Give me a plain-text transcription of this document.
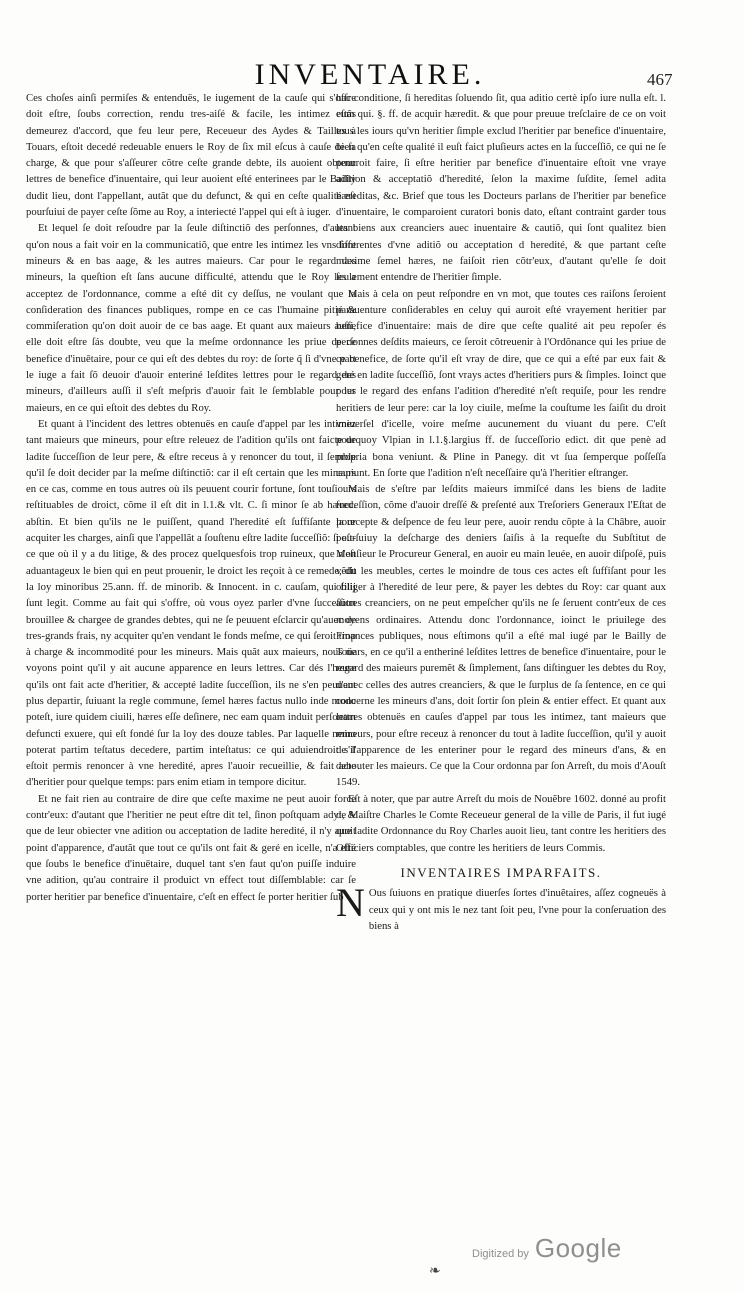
INVENTAIRE.	467

Ces choſes ainſi permiſes & entenduës, le iugement de la cauſe qui s'offre doit eſtre, ſoubs correction, rendu tres-aiſé & facile, les intimez eſtâs demeurez d'accord, que feu leur pere, Receueur des Aydes & Tailles à Touars, eſtoit decedé redeuable enuers le Roy de ſix mil eſcus à cauſe de ſa charge, & que pour s'aſſeurer cõtre ceſte grande debte, ils auoient obtenu lettres de benefice d'inuentaire, qui leur auoient eſté enterinees par le Bailly dudit lieu, dont l'appellant, autãt que du defunct, & qui en ceſte qualité eſt pourſuiui de payer ceſte ſõme au Roy, a interiecté l'appel qui eſt à iuger.

Et lequel ſe doit reſoudre par la ſeule diſtinctiõ des perſonnes, d'autant qu'on nous a fait voir en la communicatiõ, que entre les intimez les vns ſont mineurs & en bas aage, & les autres maieurs. Car pour le regard des mineurs, la queſtion eſt ſans aucune difficulté, attendu que le Roy les a acceptez de l'ordonnance, comme a eſté dit cy deſſus, ne voulant que la conſideration des finances publiques, rompe en ce cas l'humaine pitié & commiſeration qu'on doit auoir de ce bas aage. Et quant aux maieurs auſſi, elle doit eſtre ſás doubte, veu que la meſme ordonnance les priue de ce benefice d'inuētaire, pour ce qui eſt des debtes du roy: de ſorte q̃ ſi d'vne part le iuge a fait ſõ deuoir d'auoir enteriné leſdites lettres pour le regard des mineurs, d'ailleurs auſſi il s'eſt meſpris d'auoir fait le ſemblable pour les maieurs, en ce qui eſtoit des debtes du Roy.

Et quant à l'incident des lettres obtenuës en cauſe d'appel par les intimez tant maieurs que mineurs, pour eſtre releuez de l'adition qu'ils ont faicte de ladite ſucceſſion de leur pere, & eſtre receus à y renoncer du tout, il ſemble qu'il ſe doit decider par la meſme diſtinctiõ: car il eſt certain que les mineurs en ce cas, comme en tous autres où ils peuuent courir fortune, ſont touſiours reſtituables de droict, cõme il eſt dit in l.1.& vlt. C. ſi minor ſe ab hæred. abſtin. Et bien qu'ils ne le puiſſent, quand l'heredité eſt ſuffiſante pour acquiter les charges, ainſi que l'appellãt a ſouſtenu eſtre ladite ſucceſſiõ: ſi eſt-ce que où il y a du litige, & des procez quelquesfois trop ruineux, que n'eſt aduantageux le bien qui en peut prouenir, le droict les reçoit à ce remede, dit la loy minoribus 25.ann. ff. de minorib. & Innocent. in c. cauſam, qui filij ſunt legit. Comme au fait qui s'offre, où vous oyez parler d'vne ſucceſſion brouillee & chargee de grandes debtes, qui ne ſe peuuent eſclarcir qu'auec de tres-grands frais, ny acquiter qu'en vendant le fonds meſme, ce qui ſeroit trop à charge & incommodité pour les mineurs. Mais quãt aux maieurs, nous ne voyons point qu'il y ait aucune apparence en leurs lettres. Car dés l'heure qu'ils ont fait acte d'heritier, & accepté ladite ſucceſſion, ils ne s'en peuuent plus departir, ſuiuant la regle commune, ſemel hæres factus nullo inde modo poteſt, iure quidem ciuili, hæres eſſe deſinere, nec eam quam induit perſonam defuncti exuere, qui eſt fondé ſur la loy des douze tables. Par laquelle nemo poterat partim teſtatus decedere, partim inteſtatus: ce qui aduiendroit s'il eſtoit permis renoncer à vne heredité, apres l'auoir recueillie, & fait acte d'heritier pour quelque temps: pars enim etiam in tempore dicitur.

Et ne fait rien au contraire de dire que ceſte maxime ne peut auoir force contr'eux: d'autant que l'heritier ne peut eſtre dit tel, ſinon poſtquam adyt, & que de leur obiecter vne adition ou acceptation de ladite heredité, il n'y auoit point d'apparence, d'autãt que tout ce qu'ils ont fait & geré en icelle, n'a eſté que ſoubs le benefice d'inuētaire, duquel tant s'en faut qu'on puiſſe induire vne adition, qu'au contraire il produict vn effect tout diſſemblable: car ſe porter heritier par benefice d'inuentaire, c'eſt en effect ſe porter heritier ſub

hac conditione, ſi hereditas ſoluendo ſit, qua aditio certè ipſo iure nulla eſt. l. eum qui. §. ff. de acquir hæredit. & que pour preuue treſclaire de ce on voit tous les iours qu'vn heritier ſimple exclud l'heritier par benefice d'inuentaire, bien qu'en ceſte qualité il euſt faict pluſieurs actes en la ſucceſſiõ, ce qui ne ſe pourroit faire, ſi eſtre heritier par benefice d'inuentaire eſtoit vne vraye adition & acceptatiõ d'heredité, ſelon la maxime ſuſdite, ſemel adita hæreditas, &c. Brief que tous les Docteurs parlans de l'heritier par benefice d'inuentaire, le comparoient curatori bonis dato, eſtant contraint garder tous les biens aux creanciers auec inuentaire & cautiõ, qui ſont qualitez bien differentes d'vne aditiõ ou acceptation d heredité, & que partant ceſte maxime ſemel hæres, ne faiſoit rien cõtr'eux, d'autant qu'elle ſe doit ſeulement entendre de l'heritier ſimple.

Mais à cela on peut reſpondre en vn mot, que toutes ces raiſons ſeroient parauenture conſiderables en celuy qui auroit eſté vrayement heritier par benefice d'inuentaire: mais de dire que ceſte qualité ait peu repoſer és perſonnes deſdits maieurs, ce ſeroit cõtreuenir à l'Ordõnance qui les priue de ce benefice, de ſorte qu'il eſt vray de dire, que ce qui a eſté par eux fait & geré en ladite ſucceſſiõ, ſont vrays actes d'heritiers purs & ſimples. Ioinct que pour le regard des enfans l'adition d'heredité n'eſt requiſe, pour les rendre heritiers de leur pere: car la loy ciuile, meſme la couſtume les ſaiſit du droit vniuerſel d'icelle, voire meſme aucunement du viuant du pere. C'eſt pourquoy Vlpian in l.1.§.largius ff. de ſucceſſorio edict. dit que penè ad propria bona veniunt. & Pline in Panegy. dit vt ſua ſemperque poſſeſſa capiunt. En ſorte que l'adition n'eſt neceſſaire qu'à l'heritier eſtranger.

Mais de s'eſtre par leſdits maieurs immiſcé dans les biens de ladite ſucceſſion, cõme d'auoir dreſſé & preſenté aux Treſoriers Generaux l'Eſtat de la recepte & deſpence de feu leur pere, auoir rendu cõpte à la Châbre, auoir pourſuiuy la deſcharge des deniers ſaiſis à la requeſte du Subſtitut de Monſieur le Procureur General, en auoir eu main leuée, en auoir diſpoſé, puis vẽdu les meubles, certes le moindre de tous ces actes eſt ſuffiſant pour les obliger à l'heredité de leur pere, & payer les debtes du Roy: car quant aux autres creanciers, on ne peut empeſcher qu'ils ne ſe ſeruent contr'eux de ces moyens ordinaires. Attendu donc l'ordonnance, ioinct le priuilege des Finances publiques, nous eſtimons qu'il a eſté mal iugé par le Bailly de Toüars, en ce qu'il a entheriné leſdites lettres de benefice d'inuentaire, pour le regard des maieurs puremẽt & ſimplement, ſans diſtinguer les debtes du Roy, d'auec celles des autres creanciers, & que le ſurplus de ſa ſentence, en ce qui concerne les mineurs d'ans, doit ſortir ſon plein & entier effect. Et quant aux lettres obtenuës en cauſes d'appel par tous les intimez, tant maieurs que mineurs, pour eſtre receuz à renoncer du tout à ladite ſucceſſion, qu'il y auoit de l'apparence de les enteriner pour le regard des mineurs d'ans, & en debouter les maieurs. Ce que la Cour ordonna par ſon Arreſt, du mois d'Aouſt 1549.

Eſt à noter, que par autre Arreſt du mois de Nouẽbre 1602. donné au profit de Maiſtre Charles le Comte Receueur general de la ville de Paris, il fut iugé que ladite Ordonnance du Roy Charles auoit lieu, tant contre les heritiers des Officiers comptables, que contre les heritiers de leurs Commis.

INVENTAIRES IMPARFAITS.

N Ous ſuiuons en pratique diuerſes ſortes d'inuẽtaires, aſſez cogneuës à ceux qui y ont mis le nez tant ſoit peu, l'vne pour la conſeruation des biens à

Digitized by Google
❧
